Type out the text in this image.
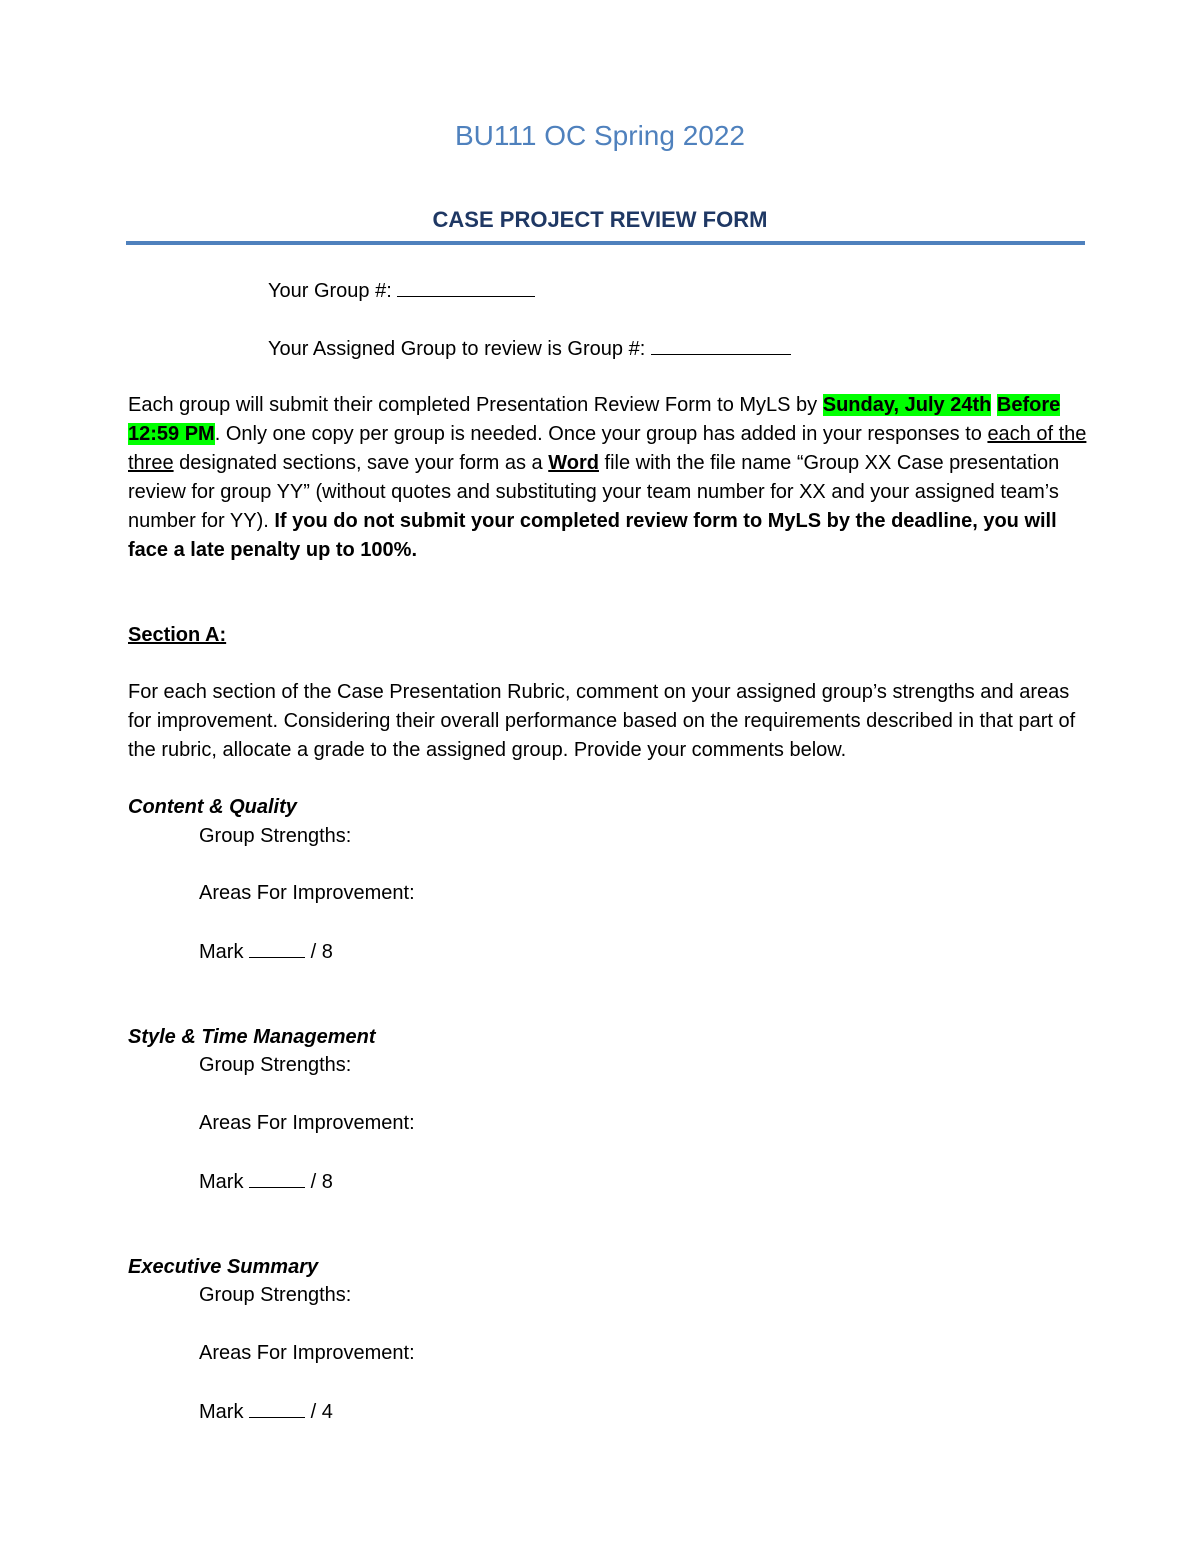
BU111 OC Spring 2022
CASE PROJECT REVIEW FORM
Your Group #:
Your Assigned Group to review is Group #:
Each group will submit their completed Presentation Review Form to MyLS by Sunday, July 24th Before 12:59 PM. Only one copy per group is needed. Once your group has added in your responses to each of the three designated sections, save your form as a Word file with the file name “Group XX Case presentation review for group YY” (without quotes and substituting your team number for XX and your assigned team’s number for YY). If you do not submit your completed review form to MyLS by the deadline, you will face a late penalty up to 100%.
Section A:
For each section of the Case Presentation Rubric, comment on your assigned group’s strengths and areas for improvement. Considering their overall performance based on the requirements described in that part of the rubric, allocate a grade to the assigned group. Provide your comments below.
Content & Quality
Group Strengths:
Areas For Improvement:
Mark	/ 8
Style & Time Management
Group Strengths:
Areas For Improvement:
Mark	/ 8
Executive Summary
Group Strengths:
Areas For Improvement:
Mark	/ 4
